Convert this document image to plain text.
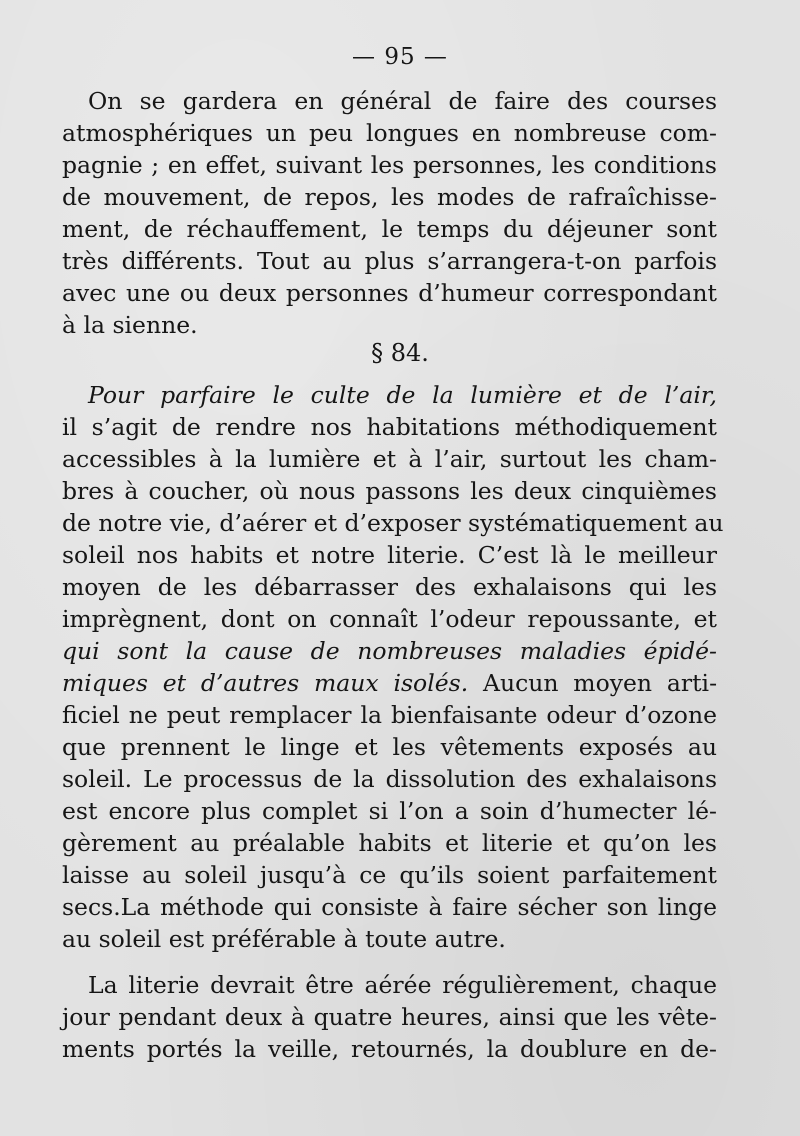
— 95 —
On se gardera en général de faire des courses
atmosphériques un peu longues en nombreuse com-
pagnie ; en effet, suivant les personnes, les conditions
de mouvement, de repos, les modes de rafraîchisse-
ment, de réchauffement, le temps du déjeuner sont
très différents. Tout au plus s’arrangera-t-on parfois
avec une ou deux personnes d’humeur correspondant
à la sienne.
§ 84.
Pour parfaire le culte de la lumière et de l’air,
il s’agit de rendre nos habitations méthodiquement
accessibles à la lumière et à l’air, surtout les cham-
bres à coucher, où nous passons les deux cinquièmes
de notre vie, d’aérer et d’exposer systématiquement au
soleil nos habits et notre literie. C’est là le meilleur
moyen de les débarrasser des exhalaisons qui les
imprègnent, dont on connaît l’odeur repoussante, et
qui sont la cause de nombreuses maladies épidé-
miques et d’autres maux isolés. Aucun moyen arti-
ficiel ne peut remplacer la bienfaisante odeur d’ozone
que prennent le linge et les vêtements exposés au
soleil. Le processus de la dissolution des exhalaisons
est encore plus complet si l’on a soin d’humecter lé-
gèrement au préalable habits et literie et qu’on les
laisse au soleil jusqu’à ce qu’ils soient parfaitement
secs.La méthode qui consiste à faire sécher son linge
au soleil est préférable à toute autre.
La literie devrait être aérée régulièrement, chaque
jour pendant deux à quatre heures, ainsi que les vête-
ments portés la veille, retournés, la doublure en de-
